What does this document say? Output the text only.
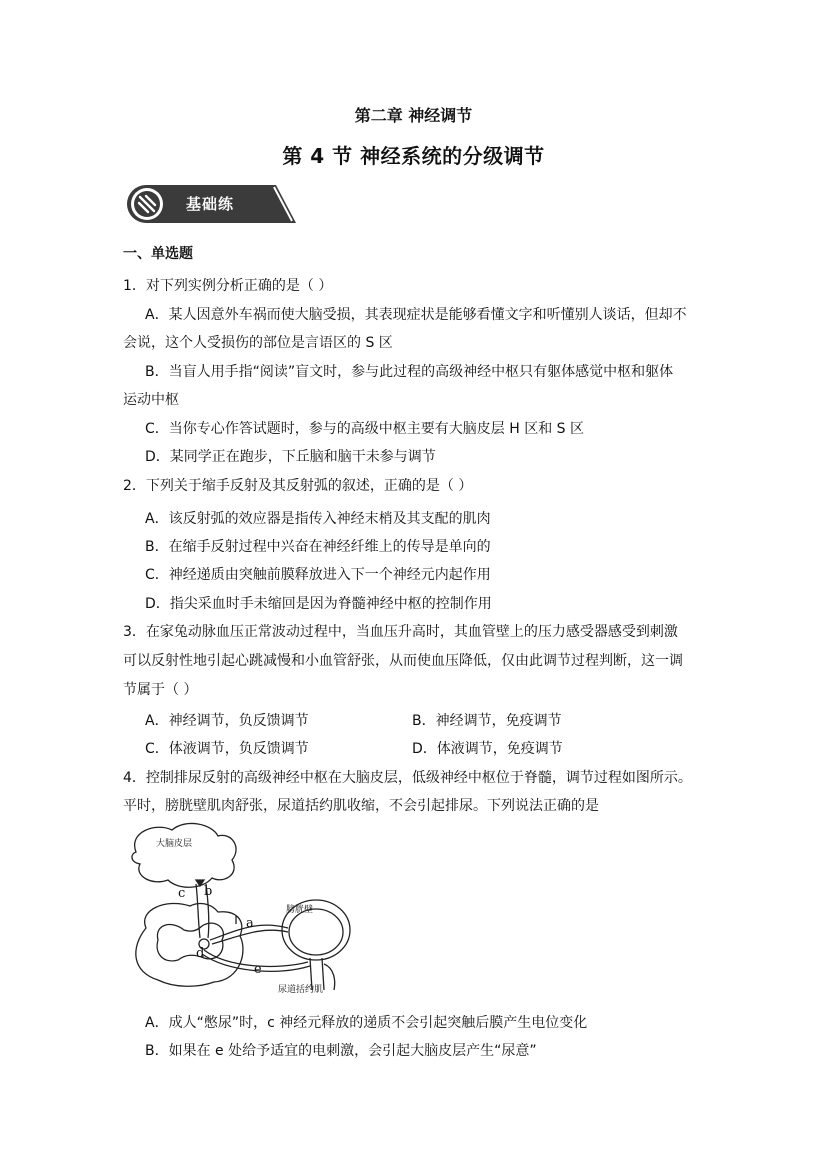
第二章 神经调节
第 4 节 神经系统的分级调节
基础练
一、单选题
1．对下列实例分析正确的是（ ）
A．某人因意外车祸而使大脑受损，其表现症状是能够看懂文字和听懂别人谈话，但却不
会说，这个人受损伤的部位是言语区的 S 区
B．当盲人用手指“阅读”盲文时，参与此过程的高级神经中枢只有躯体感觉中枢和躯体
运动中枢
C．当你专心作答试题时，参与的高级中枢主要有大脑皮层 H 区和 S 区
D．某同学正在跑步，下丘脑和脑干未参与调节
2．下列关于缩手反射及其反射弧的叙述，正确的是（ ）
A．该反射弧的效应器是指传入神经末梢及其支配的肌肉
B．在缩手反射过程中兴奋在神经纤维上的传导是单向的
C．神经递质由突触前膜释放进入下一个神经元内起作用
D．指尖采血时手未缩回是因为脊髓神经中枢的控制作用
3．在家兔动脉血压正常波动过程中，当血压升高时，其血管壁上的压力感受器感受到刺激
可以反射性地引起心跳减慢和小血管舒张，从而使血压降低，仅由此调节过程判断，这一调
节属于（ ）
A．神经调节，负反馈调节	B．神经调节，免疫调节
C．体液调节，负反馈调节	D．体液调节，免疫调节
4．控制排尿反射的高级神经中枢在大脑皮层，低级神经中枢位于脊髓，调节过程如图所示。
平时，膀胱壁肌肉舒张，尿道括约肌收缩，不会引起排尿。下列说法正确的是
大脑皮层
膀胱壁
尿道括约肌
c b
a
d
e
A．成人“憋尿”时，c 神经元释放的递质不会引起突触后膜产生电位变化
B．如果在 e 处给予适宜的电刺激，会引起大脑皮层产生“尿意”
